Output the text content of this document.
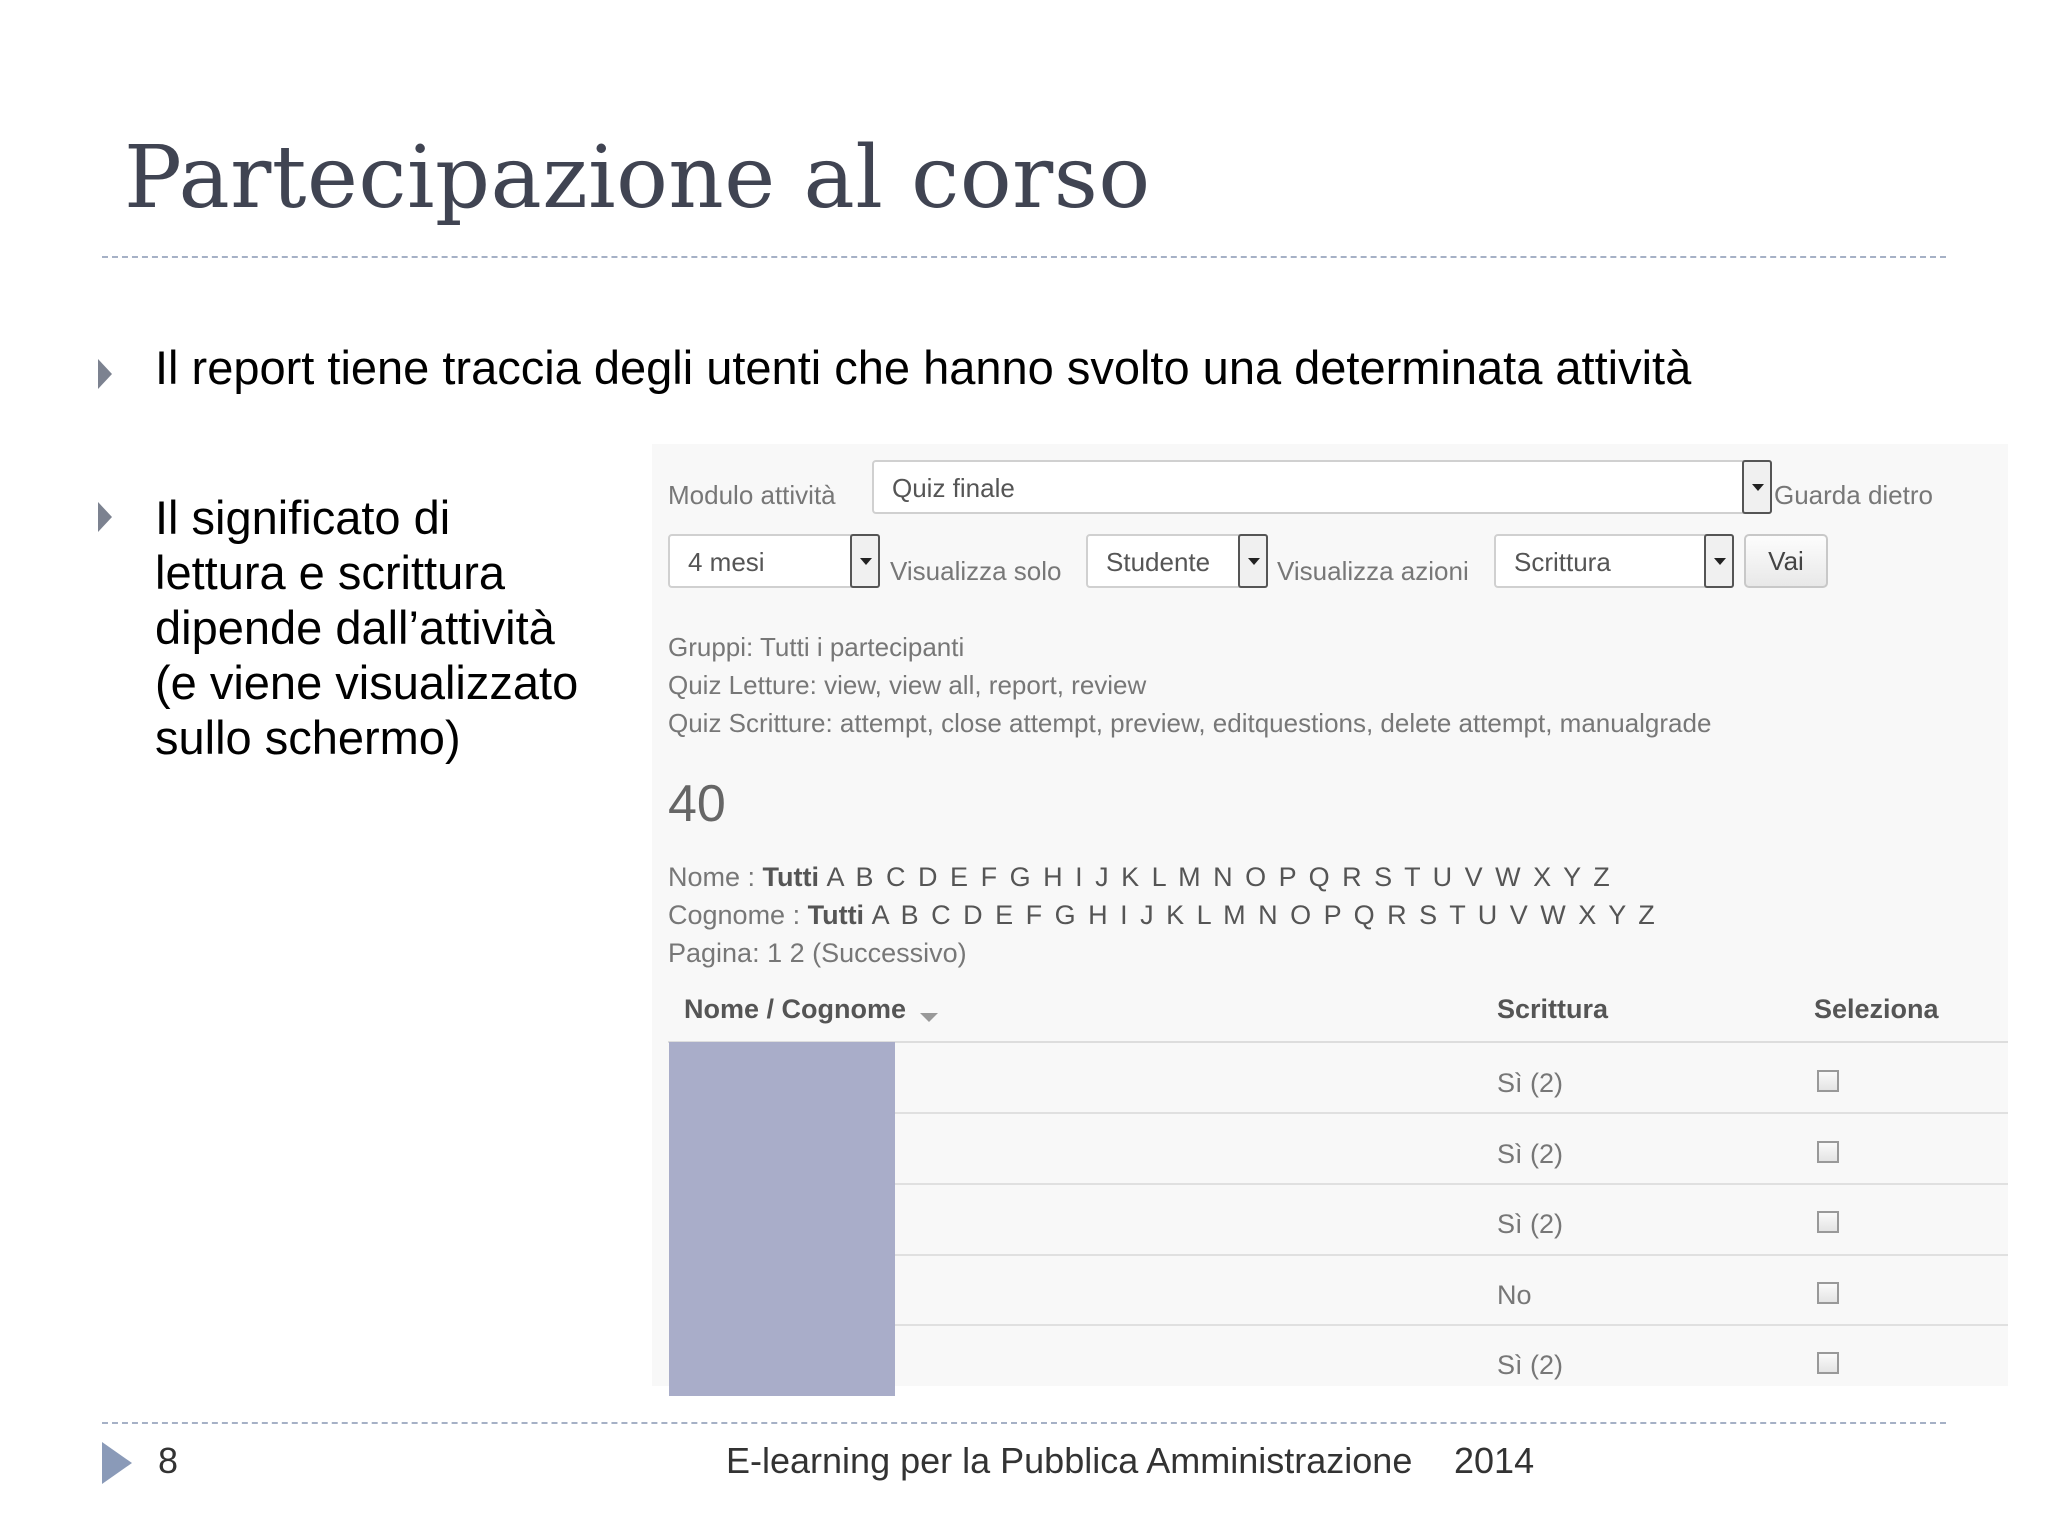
Partecipazione al corso
Il report tiene traccia degli utenti che hanno svolto una determinata attività
Il significato di
lettura e scrittura
dipende dall’attività
(e viene visualizzato
sullo schermo)
Modulo attività Quiz finale	Guarda dietro
4 mesi	Visualizza solo Studente	Visualizza azioni Scrittura	Vai
Gruppi: Tutti i partecipanti
Quiz Letture: view, view all, report, review
Quiz Scritture: attempt, close attempt, preview, editquestions, delete attempt, manualgrade
40
Nome : Tutti A B C D E F G H I J K L M N O P Q R S T U V W X Y Z
Cognome : Tutti A B C D E F G H I J K L M N O P Q R S T U V W X Y Z
Pagina: 1 2 (Successivo)
Nome / Cognome	Scrittura	Seleziona
Sì (2)
Sì (2)
Sì (2)
No
Sì (2)
8	E-learning per la Pubblica Amministrazione 2014
